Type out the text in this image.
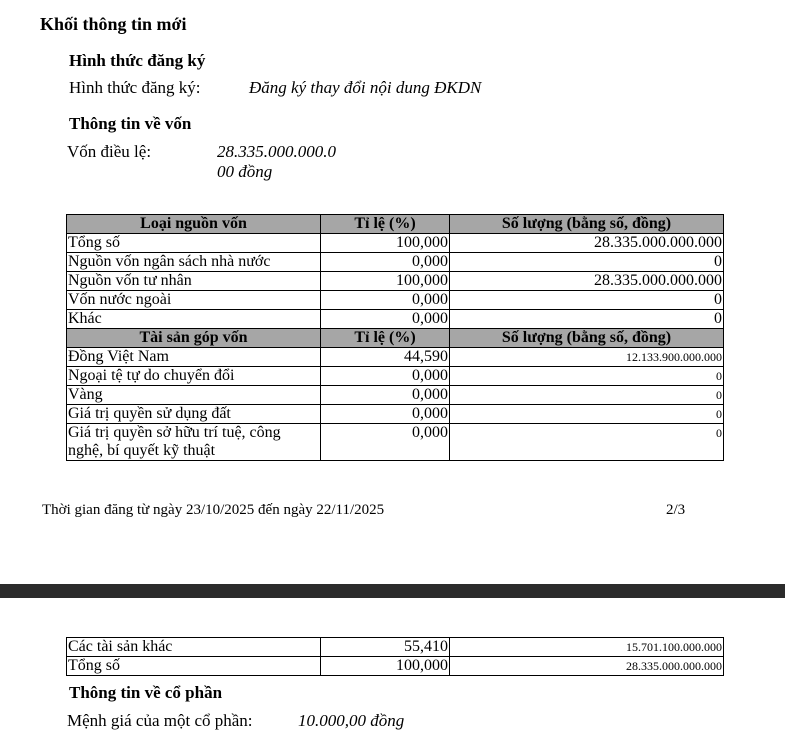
Khối thông tin mới
Hình thức đăng ký
Hình thức đăng ký:	Đăng ký thay đổi nội dung ĐKDN
Thông tin về vốn
Vốn điều lệ:	28.335.000.000.0
00 đồng
Loại nguồn vốn	Tỉ lệ (%)	Số lượng (bằng số, đồng)
Tổng số	100,000	28.335.000.000.000
Nguồn vốn ngân sách nhà nước	0,000	0
Nguồn vốn tư nhân	100,000	28.335.000.000.000
Vốn nước ngoài	0,000	0
Khác	0,000	0
Tài sản góp vốn	Tỉ lệ (%)	Số lượng (bằng số, đồng)
Đồng Việt Nam	44,590	12.133.900.000.000
Ngoại tệ tự do chuyển đổi	0,000	0
Vàng	0,000	0
Giá trị quyền sử dụng đất	0,000	0
Giá trị quyền sở hữu trí tuệ, công nghệ, bí quyết kỹ thuật	0,000	0
Thời gian đăng từ ngày 23/10/2025 đến ngày 22/11/2025	2/3
Các tài sản khác	55,410	15.701.100.000.000
Tổng số	100,000	28.335.000.000.000
Thông tin về cổ phần
Mệnh giá của một cổ phần:	10.000,00 đồng
